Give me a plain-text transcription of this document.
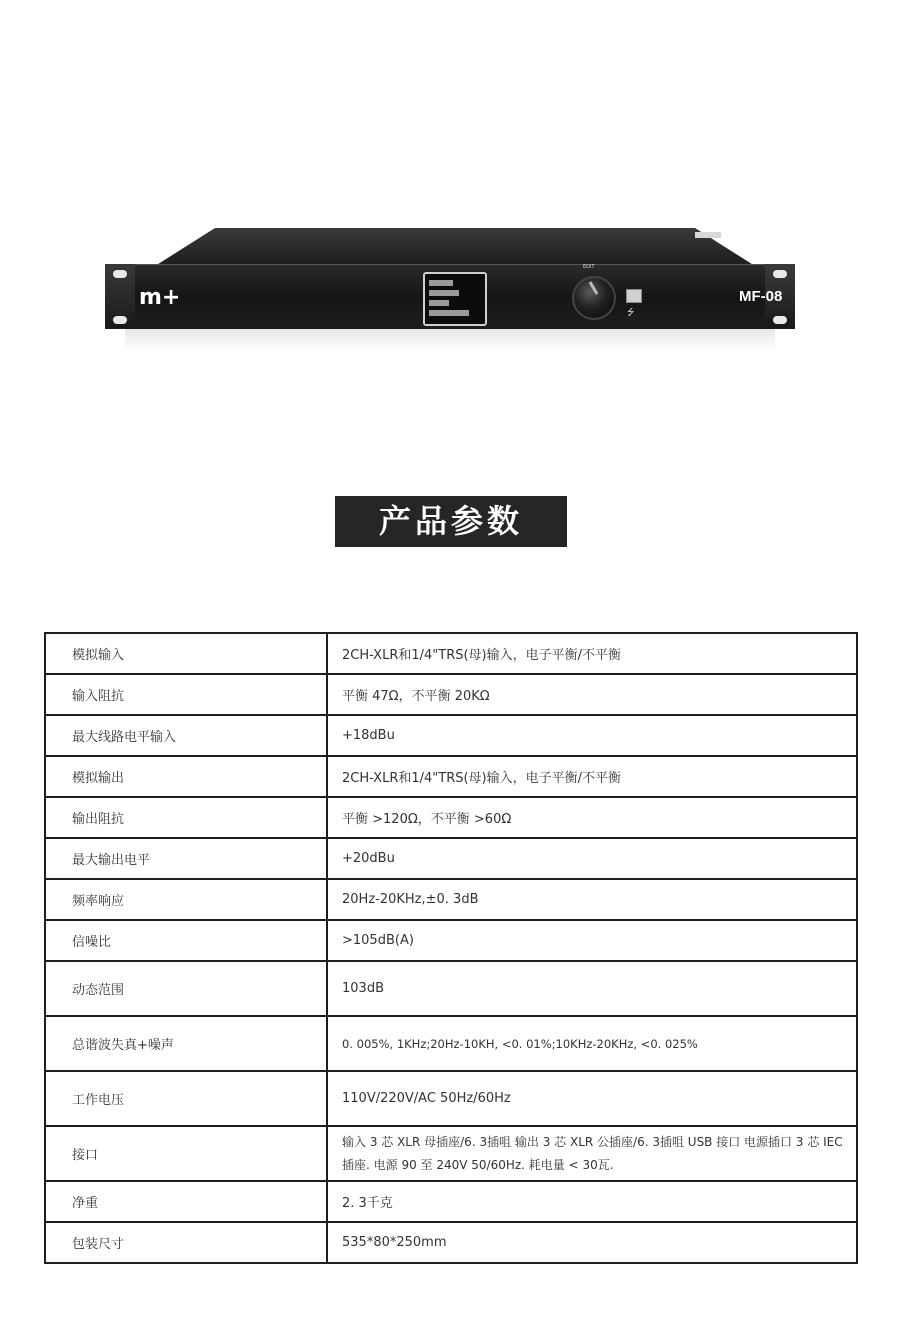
m+
EDIT
⭍
MF-08
产品参数
模拟输入	2CH-XLR和1/4"TRS(母)输入，电子平衡/不平衡
输入阻抗	平衡 47Ω，不平衡 20KΩ
最大线路电平输入	+18dBu
模拟输出	2CH-XLR和1/4"TRS(母)输入，电子平衡/不平衡
输出阻抗	平衡 >120Ω，不平衡 >60Ω
最大输出电平	+20dBu
频率响应	20Hz-20KHz,±0. 3dB
信噪比	>105dB(A)
动态范围	103dB
总谐波失真+噪声	0. 005%, 1KHz;20Hz-10KH, <0. 01%;10KHz-20KHz, <0. 025%
工作电压	110V/220V/AC 50Hz/60Hz
接口	输入 3 芯 XLR 母插座/6. 3插咀 输出 3 芯 XLR 公插座/6. 3插咀 USB 接口 电源插口 3 芯 IEC 插座. 电源 90 至 240V 50/60Hz. 耗电量 < 30瓦.
净重	2. 3千克
包装尺寸	535*80*250mm
